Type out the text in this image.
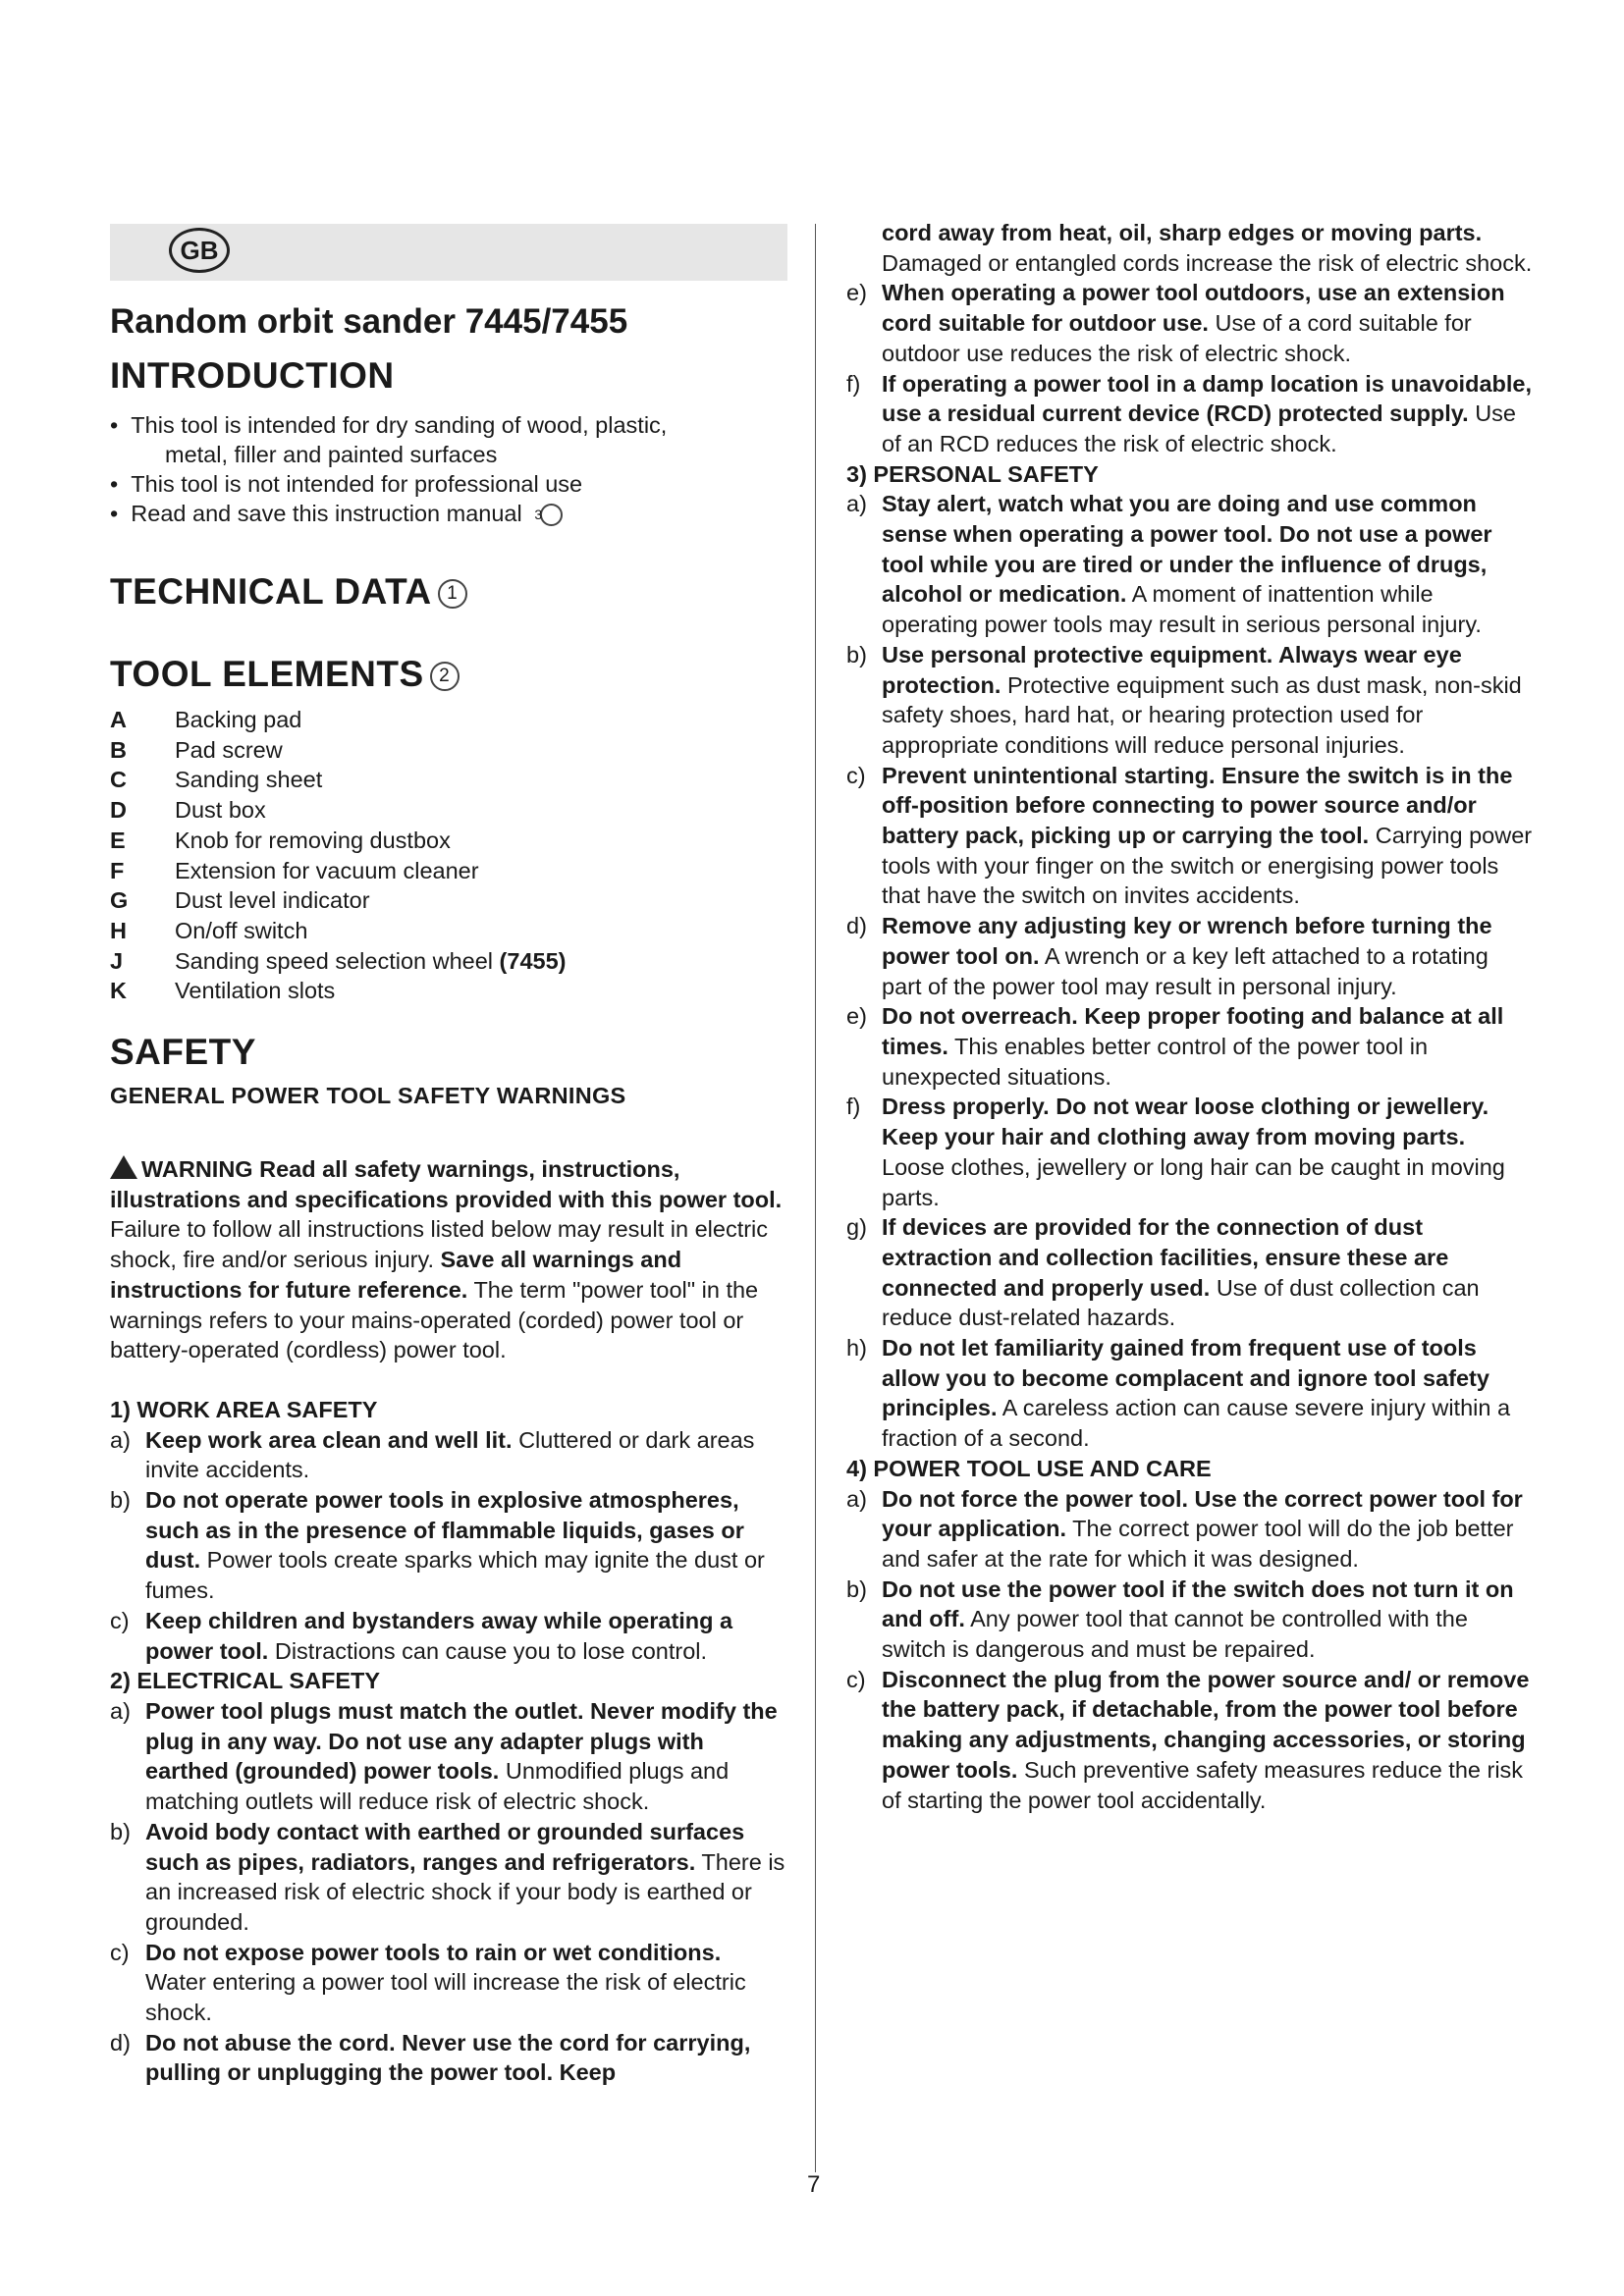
GB
Random orbit sander 7445/7455
INTRODUCTION
•  This tool is intended for dry sanding of wood, plastic,
metal, filler and painted surfaces
•  This tool is not intended for professional use
•  Read and save this instruction manual 3
TECHNICAL DATA 1
TOOL ELEMENTS 2
A	Backing pad
B	Pad screw
C	Sanding sheet
D	Dust box
E	Knob for removing dustbox
F	Extension for vacuum cleaner
G	Dust level indicator
H	On/off switch
J	Sanding speed selection wheel
(7455)
K	Ventilation slots
SAFETY
GENERAL POWER TOOL SAFETY WARNINGS
WARNING Read all safety warnings, instructions, illustrations and specifications provided with this power tool. Failure to follow all instructions listed below may result in electric shock, fire and/or serious injury. Save all warnings and instructions for future reference. The term "power tool" in the warnings refers to your mains-operated (corded) power tool or battery-operated (cordless) power tool.
1) WORK AREA SAFETY
a) Keep work area clean and well lit. Cluttered or dark areas invite accidents.
b) Do not operate power tools in explosive atmospheres, such as in the presence of flammable liquids, gases or dust. Power tools create sparks which may ignite the dust or fumes.
c) Keep children and bystanders away while operating a power tool. Distractions can cause you to lose control.
2) ELECTRICAL SAFETY
a) Power tool plugs must match the outlet. Never modify the plug in any way. Do not use any adapter plugs with earthed (grounded) power tools. Unmodified plugs and matching outlets will reduce risk of electric shock.
b) Avoid body contact with earthed or grounded surfaces such as pipes, radiators, ranges and refrigerators. There is an increased risk of electric shock if your body is earthed or grounded.
c) Do not expose power tools to rain or wet conditions. Water entering a power tool will increase the risk of electric shock.
d) Do not abuse the cord. Never use the cord for carrying, pulling or unplugging the power tool. Keep
cord away from heat, oil, sharp edges or moving parts. Damaged or entangled cords increase the risk of electric shock.
e) When operating a power tool outdoors, use an extension cord suitable for outdoor use. Use of a cord suitable for outdoor use reduces the risk of electric shock.
f) If operating a power tool in a damp location is unavoidable, use a residual current device (RCD) protected supply. Use of an RCD reduces the risk of electric shock.
3) PERSONAL SAFETY
a) Stay alert, watch what you are doing and use common sense when operating a power tool. Do not use a power tool while you are tired or under the influence of drugs, alcohol or medication. A moment of inattention while operating power tools may result in serious personal injury.
b) Use personal protective equipment. Always wear eye protection. Protective equipment such as dust mask, non-skid safety shoes, hard hat, or hearing protection used for appropriate conditions will reduce personal injuries.
c) Prevent unintentional starting. Ensure the switch is in the off-position before connecting to power source and/or battery pack, picking up or carrying the tool. Carrying power tools with your finger on the switch or energising power tools that have the switch on invites accidents.
d) Remove any adjusting key or wrench before turning the power tool on. A wrench or a key left attached to a rotating part of the power tool may result in personal injury.
e) Do not overreach. Keep proper footing and balance at all times. This enables better control of the power tool in unexpected situations.
f) Dress properly. Do not wear loose clothing or jewellery. Keep your hair and clothing away from moving parts. Loose clothes, jewellery or long hair can be caught in moving parts.
g) If devices are provided for the connection of dust extraction and collection facilities, ensure these are connected and properly used. Use of dust collection can reduce dust-related hazards.
h) Do not let familiarity gained from frequent use of tools allow you to become complacent and ignore tool safety principles. A careless action can cause severe injury within a fraction of a second.
4) POWER TOOL USE AND CARE
a) Do not force the power tool. Use the correct power tool for your application. The correct power tool will do the job better and safer at the rate for which it was designed.
b) Do not use the power tool if the switch does not turn it on and off. Any power tool that cannot be controlled with the switch is dangerous and must be repaired.
c) Disconnect the plug from the power source and/ or remove the battery pack, if detachable, from the power tool before making any adjustments, changing accessories, or storing power tools. Such preventive safety measures reduce the risk of starting the power tool accidentally.
7
